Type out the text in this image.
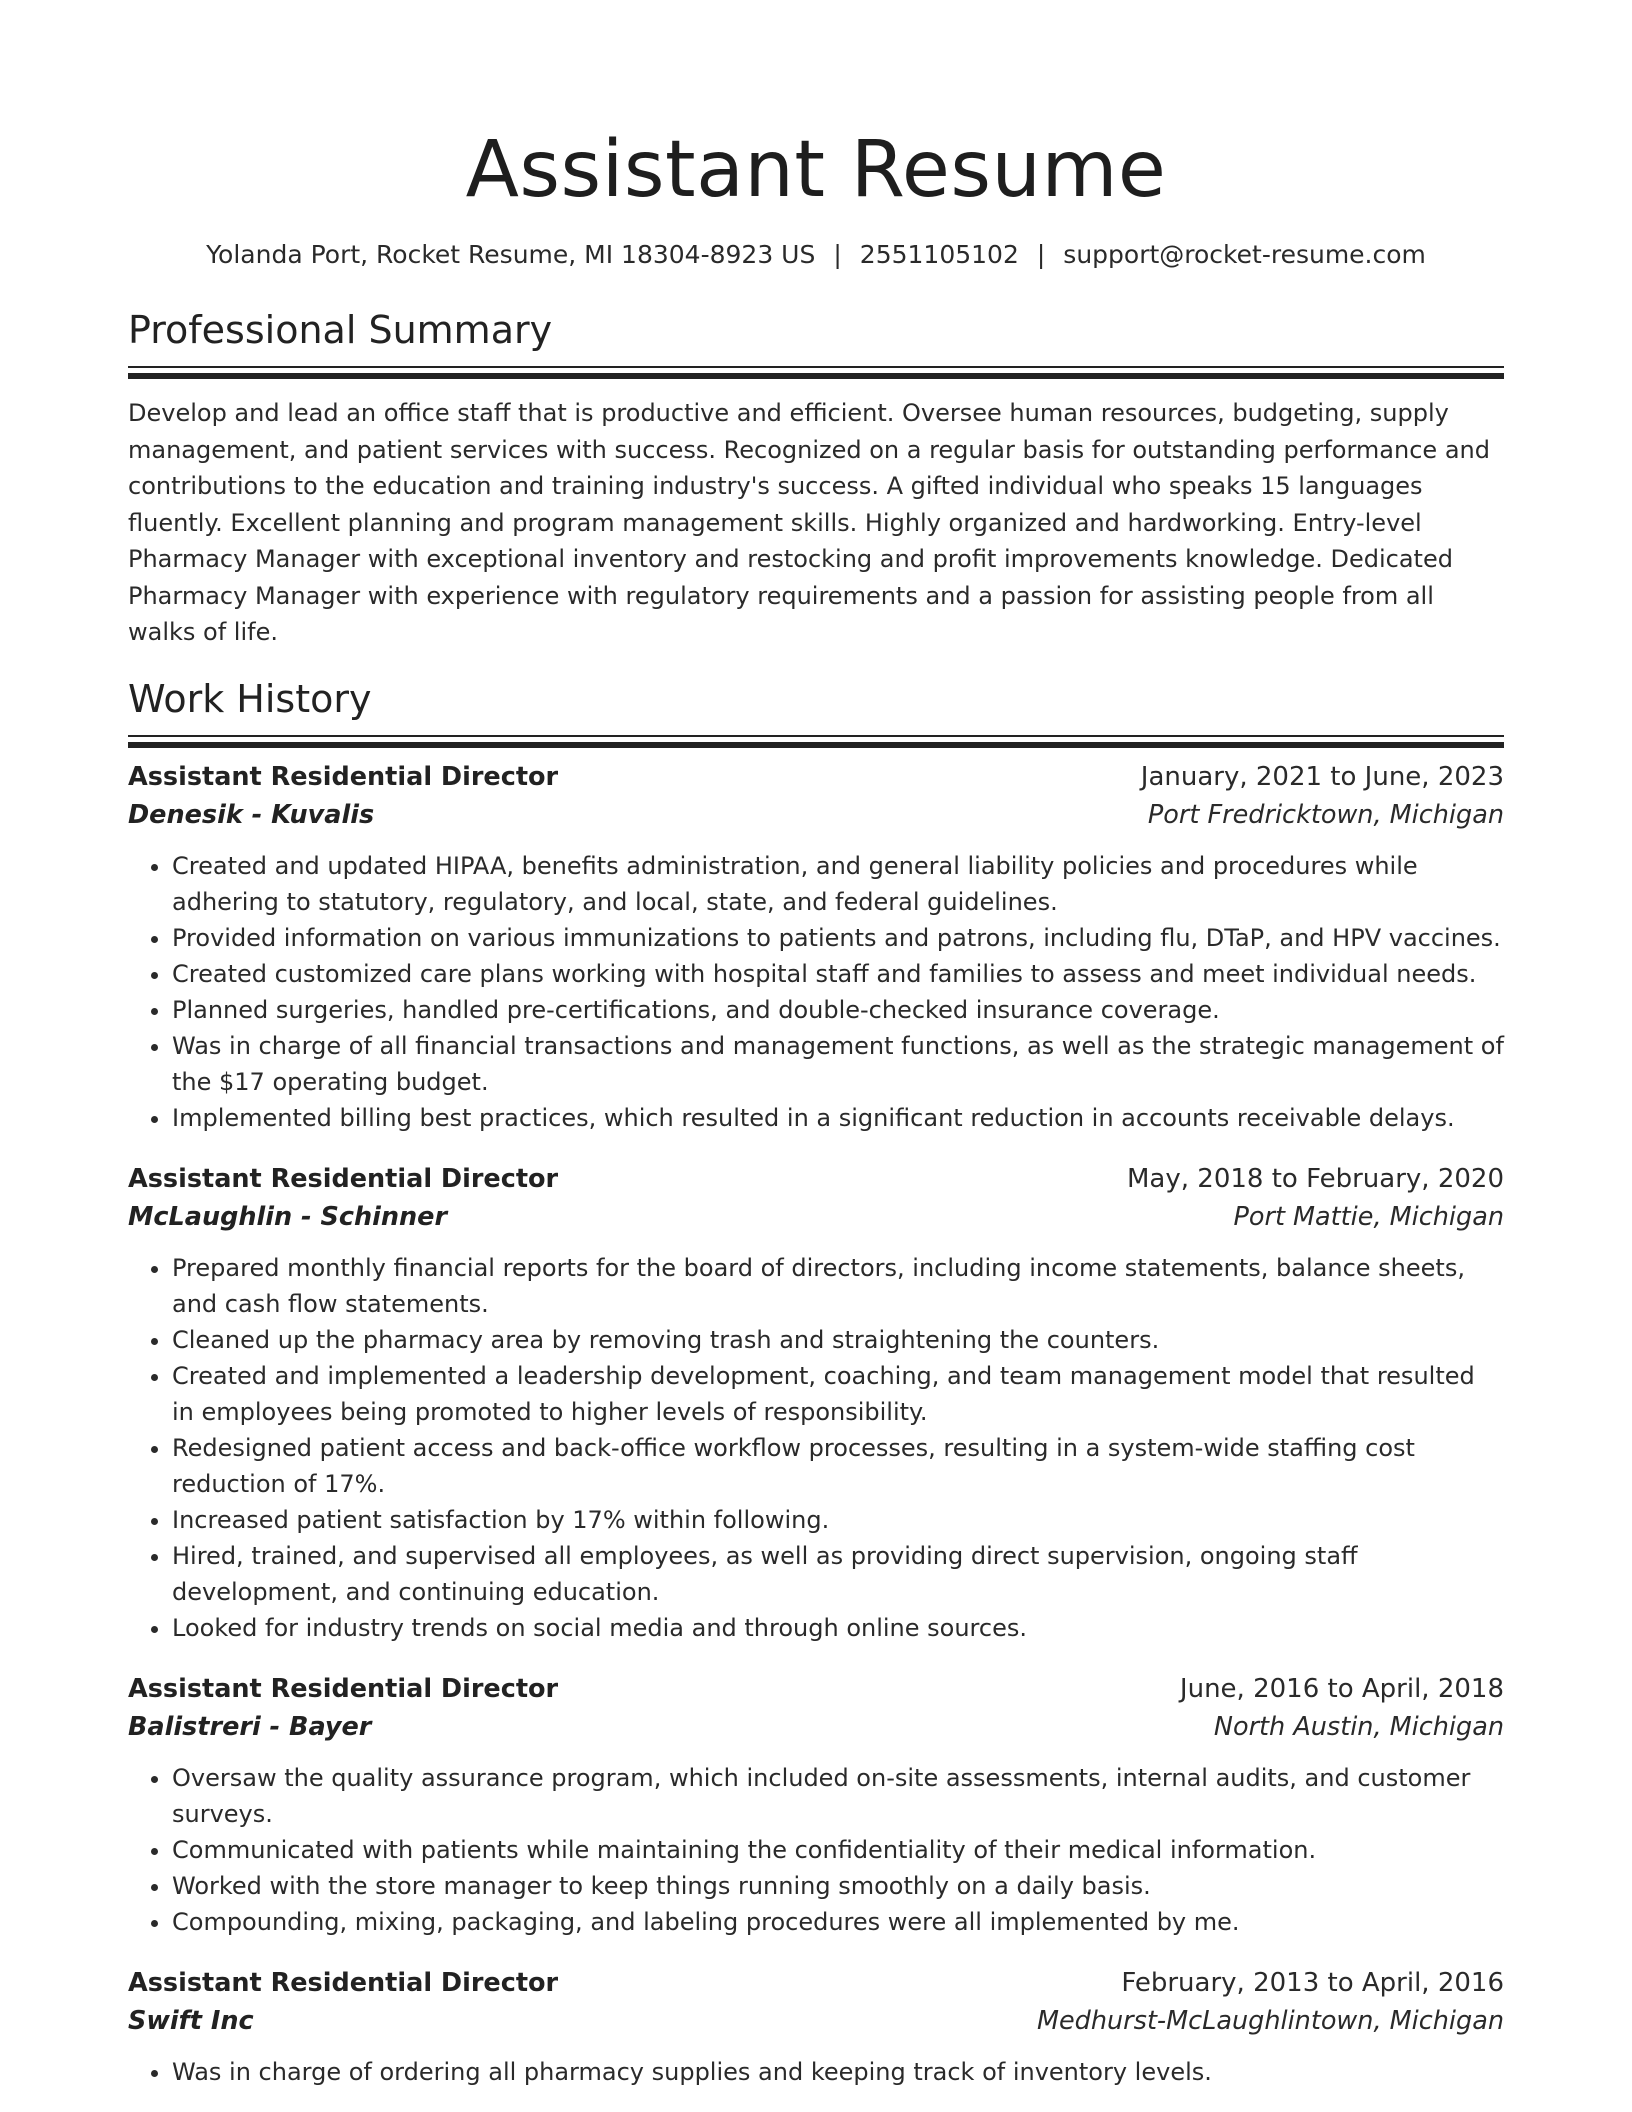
Assistant Resume
Yolanda Port, Rocket Resume, MI 18304-8923 US | 2551105102 | support@rocket-resume.com
Professional Summary

Develop and lead an office staff that is productive and efficient. Oversee human resources, budgeting, supply management, and patient services with success. Recognized on a regular basis for outstanding performance and contributions to the education and training industry's success. A gifted individual who speaks 15 languages fluently. Excellent planning and program management skills. Highly organized and hardworking. Entry-level Pharmacy Manager with exceptional inventory and restocking and profit improvements knowledge. Dedicated Pharmacy Manager with experience with regulatory requirements and a passion for assisting people from all walks of life.

Work History
Assistant Residential Director	January, 2021 to June, 2023
Denesik - Kuvalis	Port Fredricktown, Michigan
• Created and updated HIPAA, benefits administration, and general liability policies and procedures while adhering to statutory, regulatory, and local, state, and federal guidelines.
• Provided information on various immunizations to patients and patrons, including flu, DTaP, and HPV vaccines.
• Created customized care plans working with hospital staff and families to assess and meet individual needs.
• Planned surgeries, handled pre-certifications, and double-checked insurance coverage.
• Was in charge of all financial transactions and management functions, as well as the strategic management of the $17 operating budget.
• Implemented billing best practices, which resulted in a significant reduction in accounts receivable delays.
Assistant Residential Director	May, 2018 to February, 2020
McLaughlin - Schinner	Port Mattie, Michigan
• Prepared monthly financial reports for the board of directors, including income statements, balance sheets, and cash flow statements.
• Cleaned up the pharmacy area by removing trash and straightening the counters.
• Created and implemented a leadership development, coaching, and team management model that resulted in employees being promoted to higher levels of responsibility.
• Redesigned patient access and back-office workflow processes, resulting in a system-wide staffing cost reduction of 17%.
• Increased patient satisfaction by 17% within following.
• Hired, trained, and supervised all employees, as well as providing direct supervision, ongoing staff development, and continuing education.
• Looked for industry trends on social media and through online sources.
Assistant Residential Director	June, 2016 to April, 2018
Balistreri - Bayer	North Austin, Michigan
• Oversaw the quality assurance program, which included on-site assessments, internal audits, and customer surveys.
• Communicated with patients while maintaining the confidentiality of their medical information.
• Worked with the store manager to keep things running smoothly on a daily basis.
• Compounding, mixing, packaging, and labeling procedures were all implemented by me.
Assistant Residential Director	February, 2013 to April, 2016
Swift Inc	Medhurst-McLaughlintown, Michigan
• Was in charge of ordering all pharmacy supplies and keeping track of inventory levels.
